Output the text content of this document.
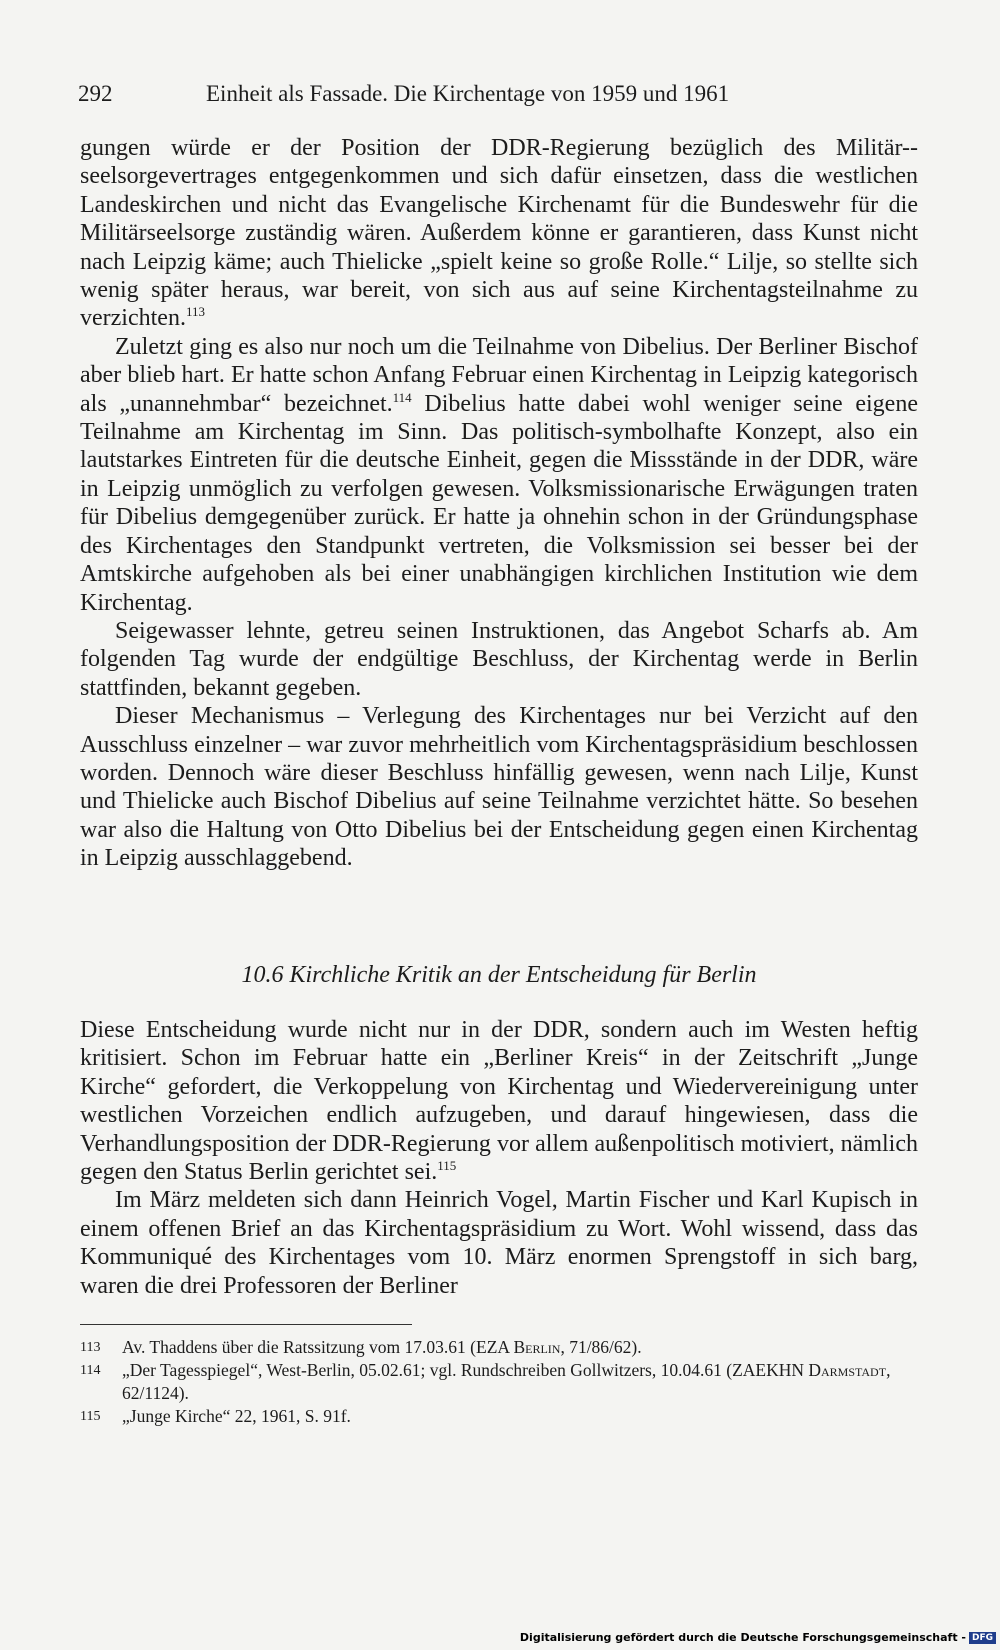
292	Einheit als Fassade. Die Kirchentage von 1959 und 1961

gungen würde er der Position der DDR-Regierung bezüglich des Militär-seelsorgevertrages entgegenkommen und sich dafür einsetzen, dass die westlichen Landeskirchen und nicht das Evangelische Kirchenamt für die Bundeswehr für die Militärseelsorge zuständig wären. Außerdem könne er garantieren, dass Kunst nicht nach Leipzig käme; auch Thielicke „spielt keine so große Rolle.“ Lilje, so stellte sich wenig später heraus, war bereit, von sich aus auf seine Kirchentagsteilnahme zu verzichten.$^{113}$

Zuletzt ging es also nur noch um die Teilnahme von Dibelius. Der Berliner Bischof aber blieb hart. Er hatte schon Anfang Februar einen Kirchentag in Leipzig kategorisch als „unannehmbar“ bezeichnet.$^{114}$ Dibelius hatte dabei wohl weniger seine eigene Teilnahme am Kirchentag im Sinn. Das politisch-symbolhafte Konzept, also ein lautstarkes Eintreten für die deutsche Einheit, gegen die Missstände in der DDR, wäre in Leipzig unmöglich zu verfolgen gewesen. Volksmissionarische Erwägungen traten für Dibelius demgegenüber zurück. Er hatte ja ohnehin schon in der Gründungsphase des Kirchentages den Standpunkt vertreten, die Volksmission sei besser bei der Amtskirche aufgehoben als bei einer unabhängigen kirchlichen Institution wie dem Kirchentag.

Seigewasser lehnte, getreu seinen Instruktionen, das Angebot Scharfs ab. Am folgenden Tag wurde der endgültige Beschluss, der Kirchentag werde in Berlin stattfinden, bekannt gegeben.

Dieser Mechanismus – Verlegung des Kirchentages nur bei Verzicht auf den Ausschluss einzelner – war zuvor mehrheitlich vom Kirchentagspräsidium beschlossen worden. Dennoch wäre dieser Beschluss hinfällig gewesen, wenn nach Lilje, Kunst und Thielicke auch Bischof Dibelius auf seine Teilnahme verzichtet hätte. So besehen war also die Haltung von Otto Dibelius bei der Entscheidung gegen einen Kirchentag in Leipzig ausschlaggebend.

10.6 Kirchliche Kritik an der Entscheidung für Berlin

Diese Entscheidung wurde nicht nur in der DDR, sondern auch im Westen heftig kritisiert. Schon im Februar hatte ein „Berliner Kreis“ in der Zeitschrift „Junge Kirche“ gefordert, die Verkoppelung von Kirchentag und Wiedervereinigung unter westlichen Vorzeichen endlich aufzugeben, und darauf hingewiesen, dass die Verhandlungsposition der DDR-Regierung vor allem außenpolitisch motiviert, nämlich gegen den Status Berlin gerichtet sei.$^{115}$

Im März meldeten sich dann Heinrich Vogel, Martin Fischer und Karl Kupisch in einem offenen Brief an das Kirchentagspräsidium zu Wort. Wohl wissend, dass das Kommuniqué des Kirchentages vom 10. März enormen Sprengstoff in sich barg, waren die drei Professoren der Berliner

113	Av. Thaddens über die Ratssitzung vom 17.03.61 (EZA Berlin, 71/86/62).
114	„Der Tagesspiegel“, West-Berlin, 05.02.61; vgl. Rundschreiben Gollwitzers, 10.04.61 (ZAEKHN Darmstadt, 62/1124).
115	„Junge Kirche“ 22, 1961, S. 91f.
Digitalisierung gefördert durch die Deutsche Forschungsgemeinschaft - DFG
